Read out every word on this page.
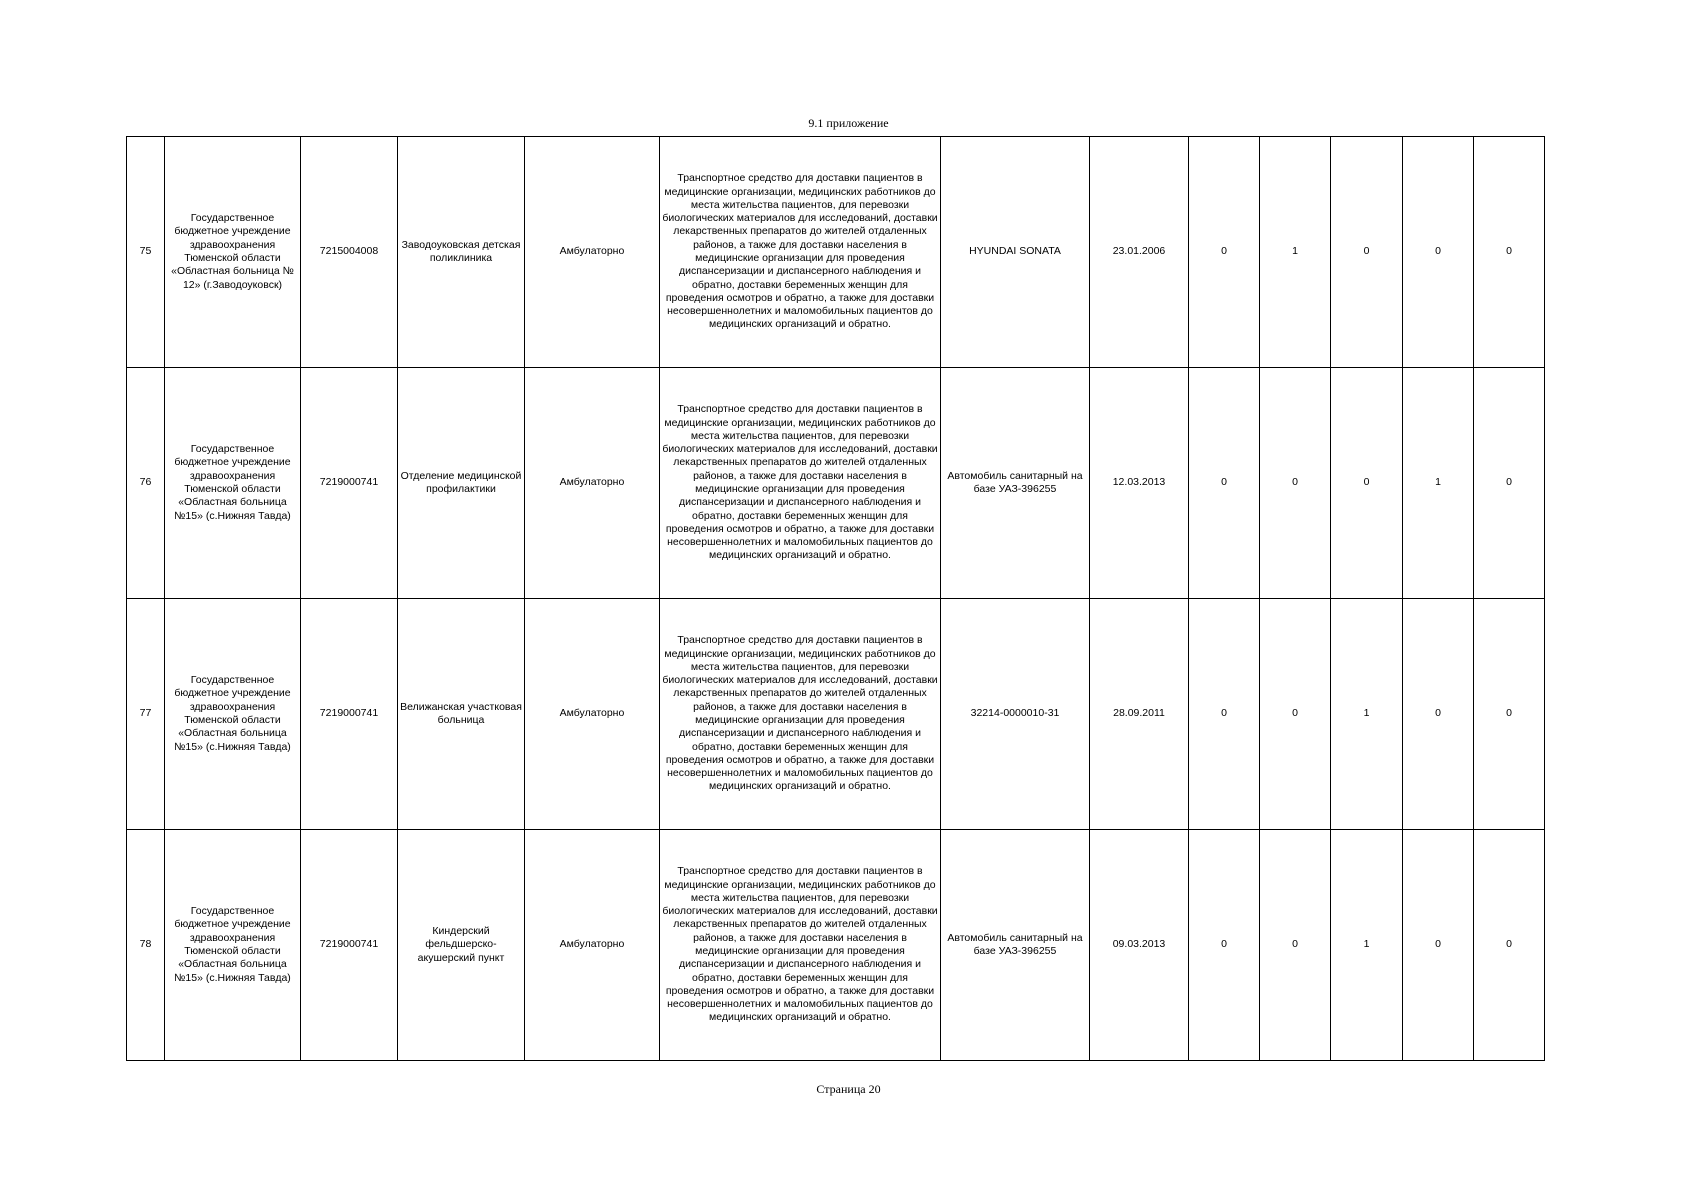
9.1 приложение
75	Государственное бюджетное учреждение здравоохранения Тюменской области «Областная больница № 12» (г.Заводоуковск)	7215004008	Заводоуковская детская поликлиника	Амбулаторно	Транспортное средство для доставки пациентов в медицинские организации, медицинских работников до места жительства пациентов, для перевозки биологических материалов для исследований, доставки лекарственных препаратов до жителей отдаленных районов, а также для доставки населения в медицинские организации для проведения диспансеризации и диспансерного наблюдения и обратно, доставки беременных женщин для проведения осмотров и обратно, а также для доставки несовершеннолетних и маломобильных пациентов до медицинских организаций и обратно.	HYUNDAI SONATA	23.01.2006	0	1	0	0	0
76	Государственное бюджетное учреждение здравоохранения Тюменской области «Областная больница №15» (с.Нижняя Тавда)	7219000741	Отделение медицинской профилактики	Амбулаторно	Транспортное средство для доставки пациентов в медицинские организации, медицинских работников до места жительства пациентов, для перевозки биологических материалов для исследований, доставки лекарственных препаратов до жителей отдаленных районов, а также для доставки населения в медицинские организации для проведения диспансеризации и диспансерного наблюдения и обратно, доставки беременных женщин для проведения осмотров и обратно, а также для доставки несовершеннолетних и маломобильных пациентов до медицинских организаций и обратно.	Автомобиль санитарный на базе УАЗ-396255	12.03.2013	0	0	0	1	0
77	Государственное бюджетное учреждение здравоохранения Тюменской области «Областная больница №15» (с.Нижняя Тавда)	7219000741	Велижанская участковая больница	Амбулаторно	Транспортное средство для доставки пациентов в медицинские организации, медицинских работников до места жительства пациентов, для перевозки биологических материалов для исследований, доставки лекарственных препаратов до жителей отдаленных районов, а также для доставки населения в медицинские организации для проведения диспансеризации и диспансерного наблюдения и обратно, доставки беременных женщин для проведения осмотров и обратно, а также для доставки несовершеннолетних и маломобильных пациентов до медицинских организаций и обратно.	32214-0000010-31	28.09.2011	0	0	1	0	0
78	Государственное бюджетное учреждение здравоохранения Тюменской области «Областная больница №15» (с.Нижняя Тавда)	7219000741	Киндерский фельдшерско-акушерский пункт	Амбулаторно	Транспортное средство для доставки пациентов в медицинские организации, медицинских работников до места жительства пациентов, для перевозки биологических материалов для исследований, доставки лекарственных препаратов до жителей отдаленных районов, а также для доставки населения в медицинские организации для проведения диспансеризации и диспансерного наблюдения и обратно, доставки беременных женщин для проведения осмотров и обратно, а также для доставки несовершеннолетних и маломобильных пациентов до медицинских организаций и обратно.	Автомобиль санитарный на базе УАЗ-396255	09.03.2013	0	0	1	0	0
Страница 20
